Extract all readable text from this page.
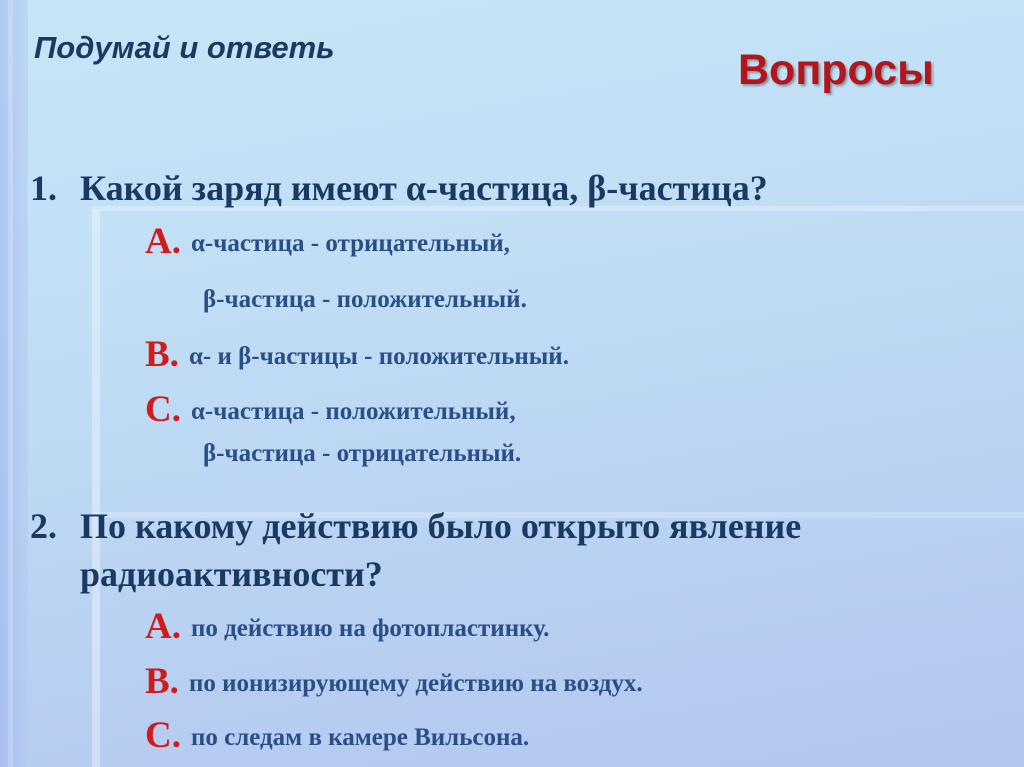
Подумай и ответь	Вопросы
1. Какой заряд имеют α-частица, β-частица?
А. α-частица - отрицательный,
β-частица - положительный.
В. α- и β-частицы - положительный.
С. α-частица - положительный,
β-частица - отрицательный.
2. По какому действию было открыто явление
радиоактивности?
А. по действию на фотопластинку.
В. по ионизирующему действию на воздух.
С. по следам в камере Вильсона.
